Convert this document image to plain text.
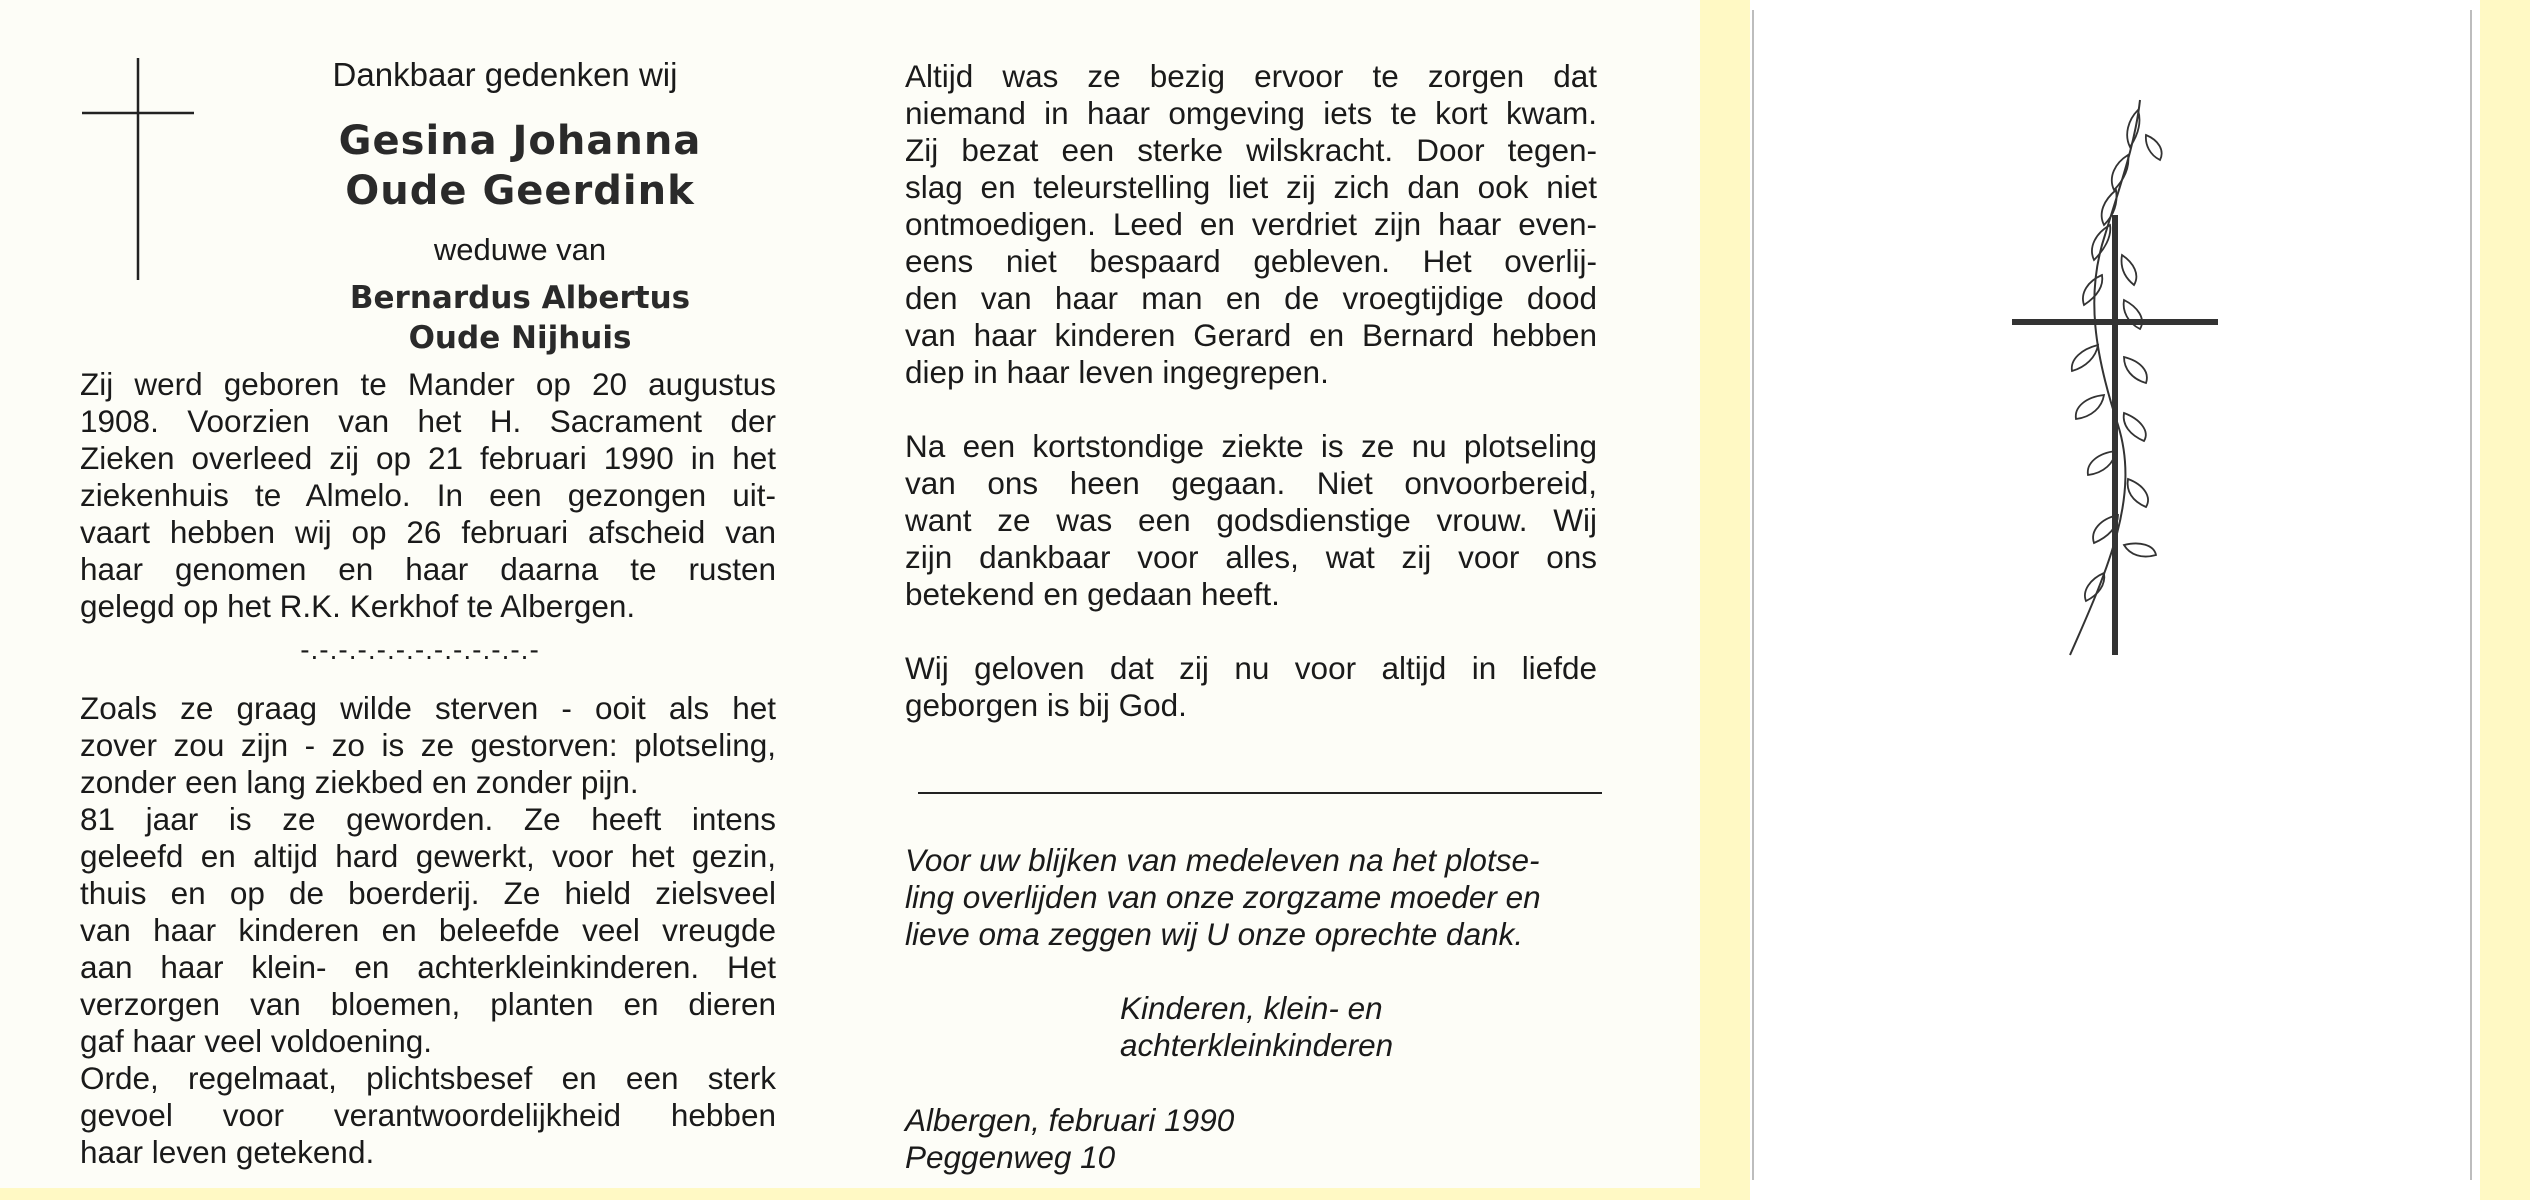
Dankbaar gedenken wij
Gesina Johanna
Oude Geerdink
weduwe van
Bernardus Albertus
Oude Nijhuis
Zij werd geboren te Mander op 20 augustus
1908. Voorzien van het H. Sacrament der
Zieken overleed zij op 21 februari 1990 in het
ziekenhuis te Almelo. In een gezongen uit-
vaart hebben wij op 26 februari afscheid van
haar genomen en haar daarna te rusten
gelegd op het R.K. Kerkhof te Albergen.
-.-.-.-.-.-.-.-.-.-.-.-.-
Zoals ze graag wilde sterven - ooit als het
zover zou zijn - zo is ze gestorven: plotseling,
zonder een lang ziekbed en zonder pijn.
81 jaar is ze geworden. Ze heeft intens
geleefd en altijd hard gewerkt, voor het gezin,
thuis en op de boerderij. Ze hield zielsveel
van haar kinderen en beleefde veel vreugde
aan haar klein- en achterkleinkinderen. Het
verzorgen van bloemen, planten en dieren
gaf haar veel voldoening.
Orde, regelmaat, plichtsbesef en een sterk
gevoel voor verantwoordelijkheid hebben
haar leven getekend.
Altijd was ze bezig ervoor te zorgen dat
niemand in haar omgeving iets te kort kwam.
Zij bezat een sterke wilskracht. Door tegen-
slag en teleurstelling liet zij zich dan ook niet
ontmoedigen. Leed en verdriet zijn haar even-
eens niet bespaard gebleven. Het overlij-
den van haar man en de vroegtijdige dood
van haar kinderen Gerard en Bernard hebben
diep in haar leven ingegrepen.
Na een kortstondige ziekte is ze nu plotseling
van ons heen gegaan. Niet onvoorbereid,
want ze was een godsdienstige vrouw. Wij
zijn dankbaar voor alles, wat zij voor ons
betekend en gedaan heeft.
Wij geloven dat zij nu voor altijd in liefde
geborgen is bij God.
Voor uw blijken van medeleven na het plotse-
ling overlijden van onze zorgzame moeder en
lieve oma zeggen wij U onze oprechte dank.
Kinderen, klein- en
achterkleinkinderen
Albergen, februari 1990
Peggenweg 10
